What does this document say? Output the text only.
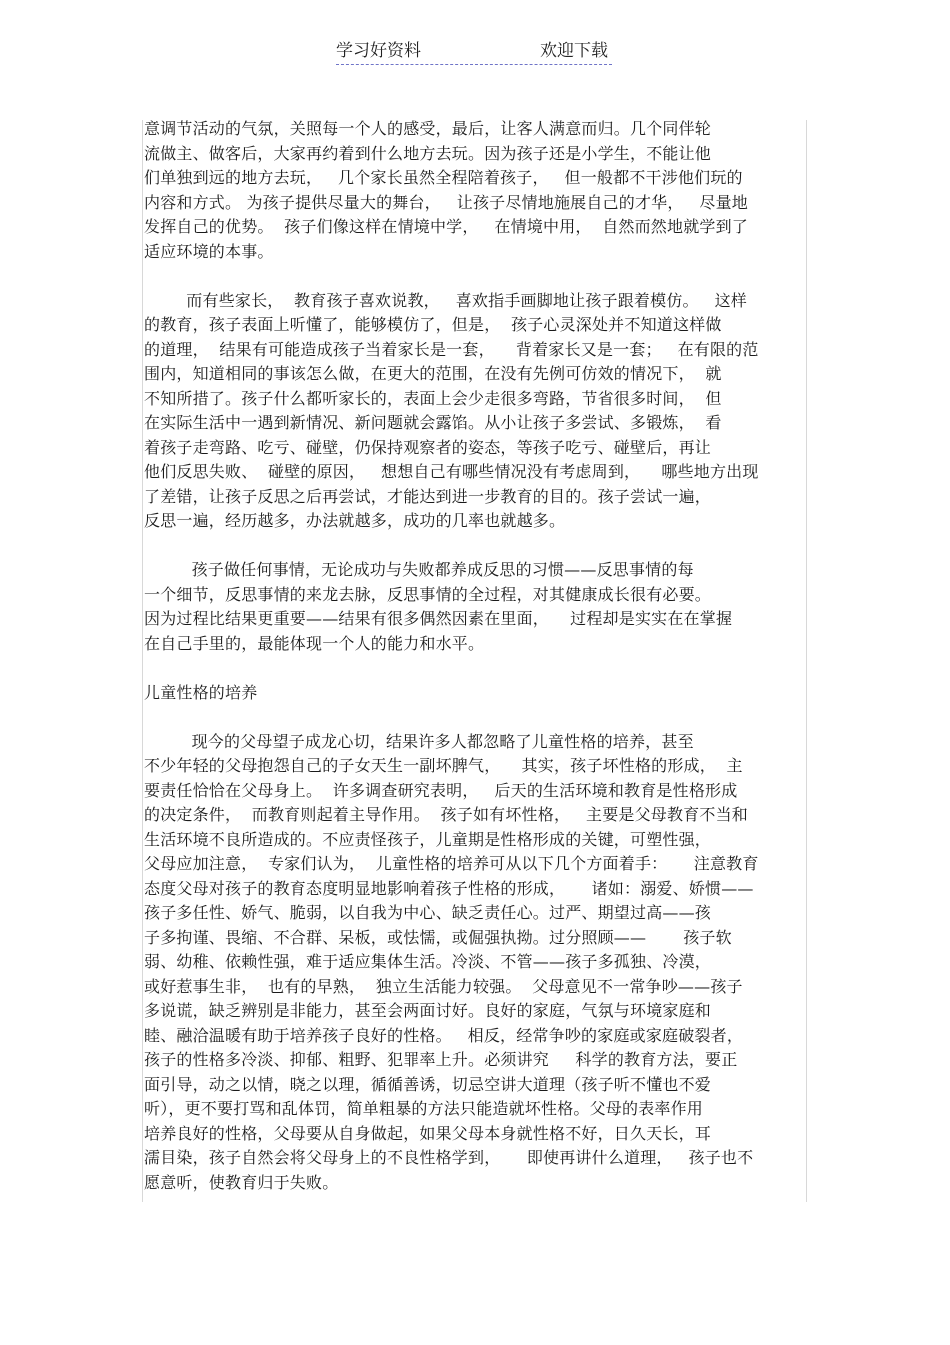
学习好资料	欢迎下载
意调节活动的气氛，关照每一个人的感受，最后，让客人满意而归。几个同伴轮
流做主、做客后，大家再约着到什么地方去玩。因为孩子还是小学生，不能让他
们单独到远的地方去玩，   几个家长虽然全程陪着孩子，   但一般都不干涉他们玩的
内容和方式。 为孩子提供尽量大的舞台，   让孩子尽情地施展自己的才华，   尽量地
发挥自己的优势。  孩子们像这样在情境中学，   在情境中用，  自然而然地就学到了
适应环境的本事。
而有些家长，  教育孩子喜欢说教，   喜欢指手画脚地让孩子跟着模仿。   这样
的教育，孩子表面上听懂了，能够模仿了，但是，  孩子心灵深处并不知道这样做
的道理，  结果有可能造成孩子当着家长是一套，    背着家长又是一套；   在有限的范
围内，知道相同的事该怎么做，在更大的范围，在没有先例可仿效的情况下，  就
不知所措了。孩子什么都听家长的，表面上会少走很多弯路，节省很多时间，  但
在实际生活中一遇到新情况、新问题就会露馅。从小让孩子多尝试、多锻炼，  看
着孩子走弯路、吃亏、碰壁，仍保持观察者的姿态，等孩子吃亏、碰壁后，再让
他们反思失败、  碰壁的原因，   想想自己有哪些情况没有考虑周到，    哪些地方出现
了差错，让孩子反思之后再尝试，才能达到进一步教育的目的。孩子尝试一遍，
反思一遍，经历越多，办法就越多，成功的几率也就越多。
孩子做任何事情，无论成功与失败都养成反思的习惯——反思事情的每
一个细节，反思事情的来龙去脉，反思事情的全过程，对其健康成长很有必要。
因为过程比结果更重要——结果有很多偶然因素在里面，    过程却是实实在在掌握
在自己手里的，最能体现一个人的能力和水平。
儿童性格的培养
现今的父母望子成龙心切，结果许多人都忽略了儿童性格的培养，甚至
不少年轻的父母抱怨自己的子女天生一副坏脾气，    其实，孩子坏性格的形成，  主
要责任恰恰在父母身上。  许多调查研究表明，   后天的生活环境和教育是性格形成
的决定条件，  而教育则起着主导作用。  孩子如有坏性格，   主要是父母教育不当和
生活环境不良所造成的。不应责怪孩子，儿童期是性格形成的关键，可塑性强，
父母应加注意，  专家们认为，  儿童性格的培养可从以下几个方面着手：     注意教育
态度父母对孩子的教育态度明显地影响着孩子性格的形成，     诸如：溺爱、娇惯——
孩子多任性、娇气、脆弱，以自我为中心、缺乏责任心。过严、期望过高——孩
子多拘谨、畏缩、不合群、呆板，或怯懦，或倔强执拗。过分照顾——       孩子软
弱、幼稚、依赖性强，难于适应集体生活。冷淡、不管——孩子多孤独、冷漠，
或好惹事生非，  也有的早熟，  独立生活能力较强。  父母意见不一常争吵——孩子
多说谎，缺乏辨别是非能力，甚至会两面讨好。良好的家庭，气氛与环境家庭和
睦、融洽温暖有助于培养孩子良好的性格。   相反，经常争吵的家庭或家庭破裂者，
孩子的性格多冷淡、抑郁、粗野、犯罪率上升。必须讲究     科学的教育方法，要正
面引导，动之以情，晓之以理，循循善诱，切忌空讲大道理（孩子听不懂也不爱
听），更不要打骂和乱体罚，简单粗暴的方法只能造就坏性格。父母的表率作用
培养良好的性格，父母要从自身做起，如果父母本身就性格不好，日久天长，耳
濡目染，孩子自然会将父母身上的不良性格学到，     即使再讲什么道理，   孩子也不
愿意听，使教育归于失败。
